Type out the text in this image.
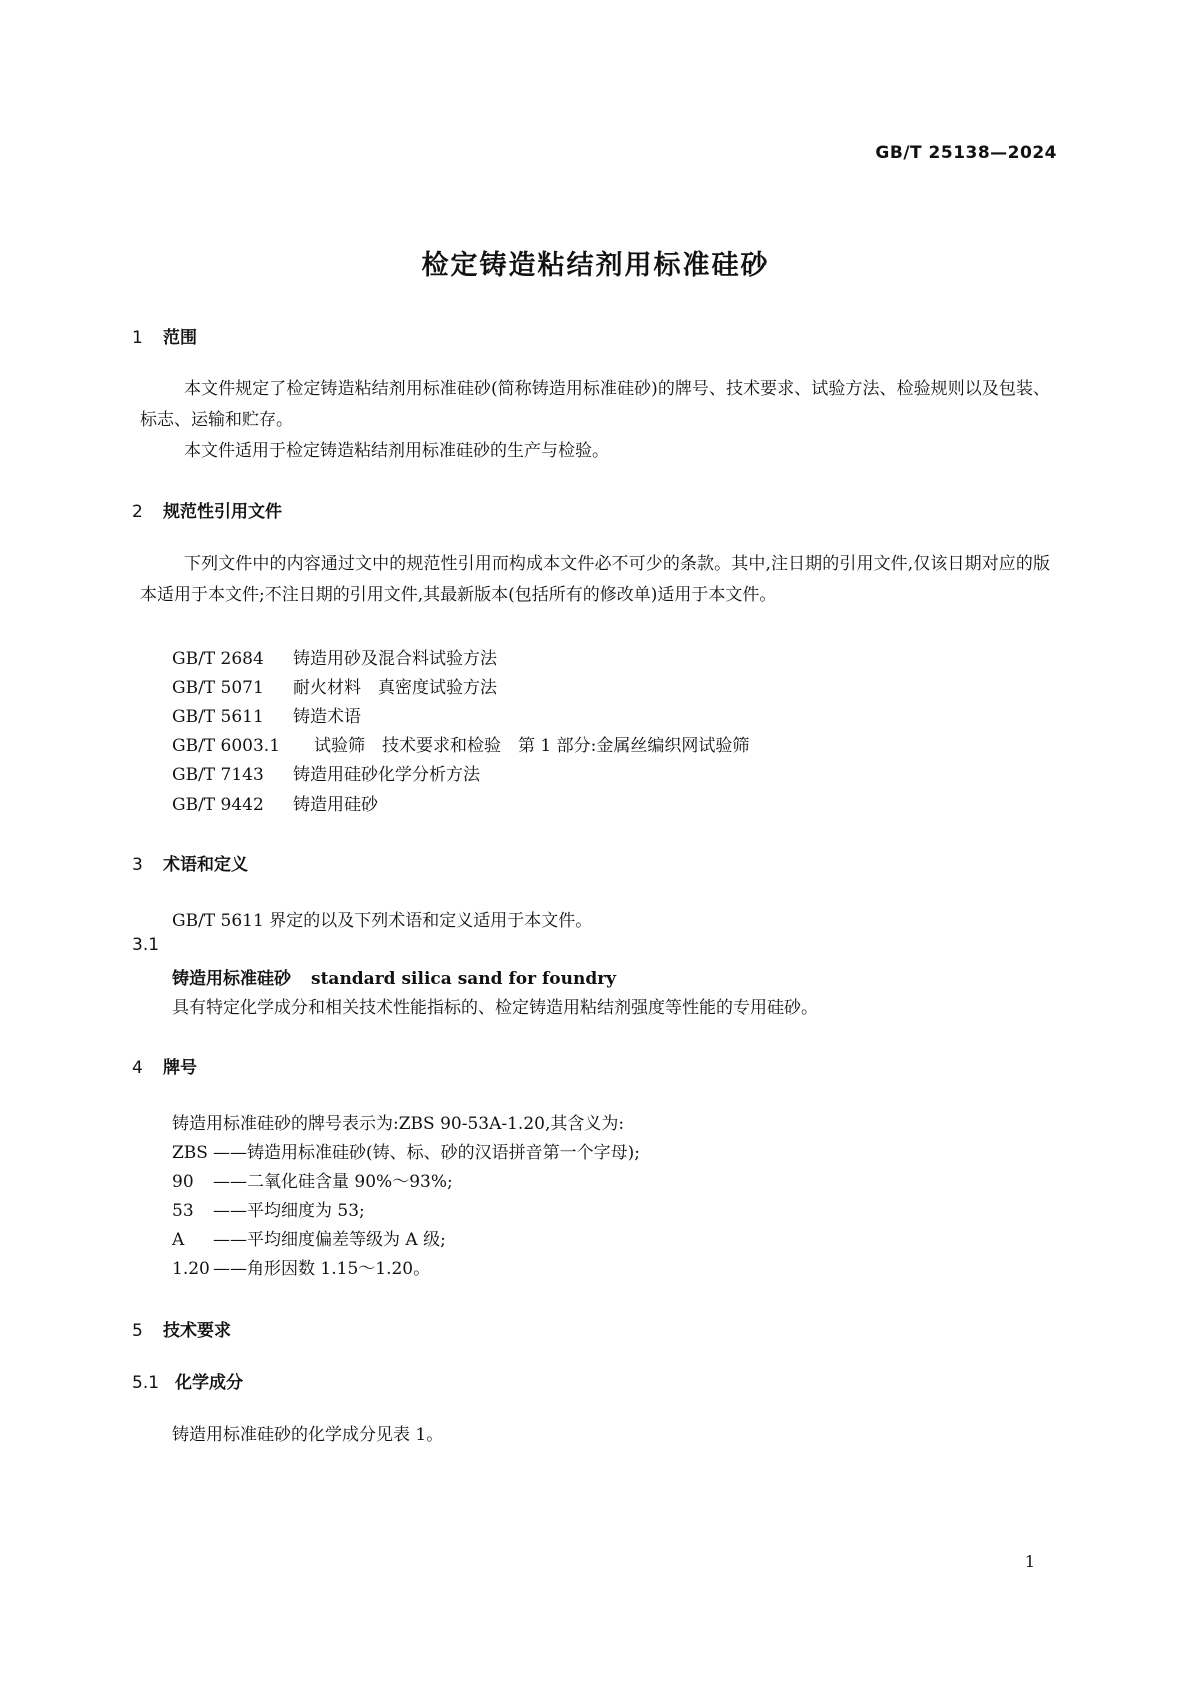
GB/T 25138—2024
检定铸造粘结剂用标准硅砂
1 范围
本文件规定了检定铸造粘结剂用标准硅砂(简称铸造用标准硅砂)的牌号、技术要求、试验方法、检验规则以及包装、标志、运输和贮存。
本文件适用于检定铸造粘结剂用标准硅砂的生产与检验。
2 规范性引用文件
下列文件中的内容通过文中的规范性引用而构成本文件必不可少的条款。其中,注日期的引用文件,仅该日期对应的版本适用于本文件;不注日期的引用文件,其最新版本(包括所有的修改单)适用于本文件。
GB/T 2684 铸造用砂及混合料试验方法
GB/T 5071 耐火材料　真密度试验方法
GB/T 5611 铸造术语
GB/T 6003.1 试验筛　技术要求和检验　第 1 部分:金属丝编织网试验筛
GB/T 7143 铸造用硅砂化学分析方法
GB/T 9442 铸造用硅砂
3 术语和定义
GB/T 5611 界定的以及下列术语和定义适用于本文件。
3.1
铸造用标准硅砂 standard silica sand for foundry
具有特定化学成分和相关技术性能指标的、检定铸造用粘结剂强度等性能的专用硅砂。
4 牌号
铸造用标准硅砂的牌号表示为:ZBS 90-53A-1.20,其含义为:
ZBS ——铸造用标准硅砂(铸、标、砂的汉语拼音第一个字母);
90 ——二氧化硅含量 90%～93%;
53 ——平均细度为 53;
A ——平均细度偏差等级为 A 级;
1.20 ——角形因数 1.15～1.20。
5 技术要求
5.1 化学成分
铸造用标准硅砂的化学成分见表 1。
1
